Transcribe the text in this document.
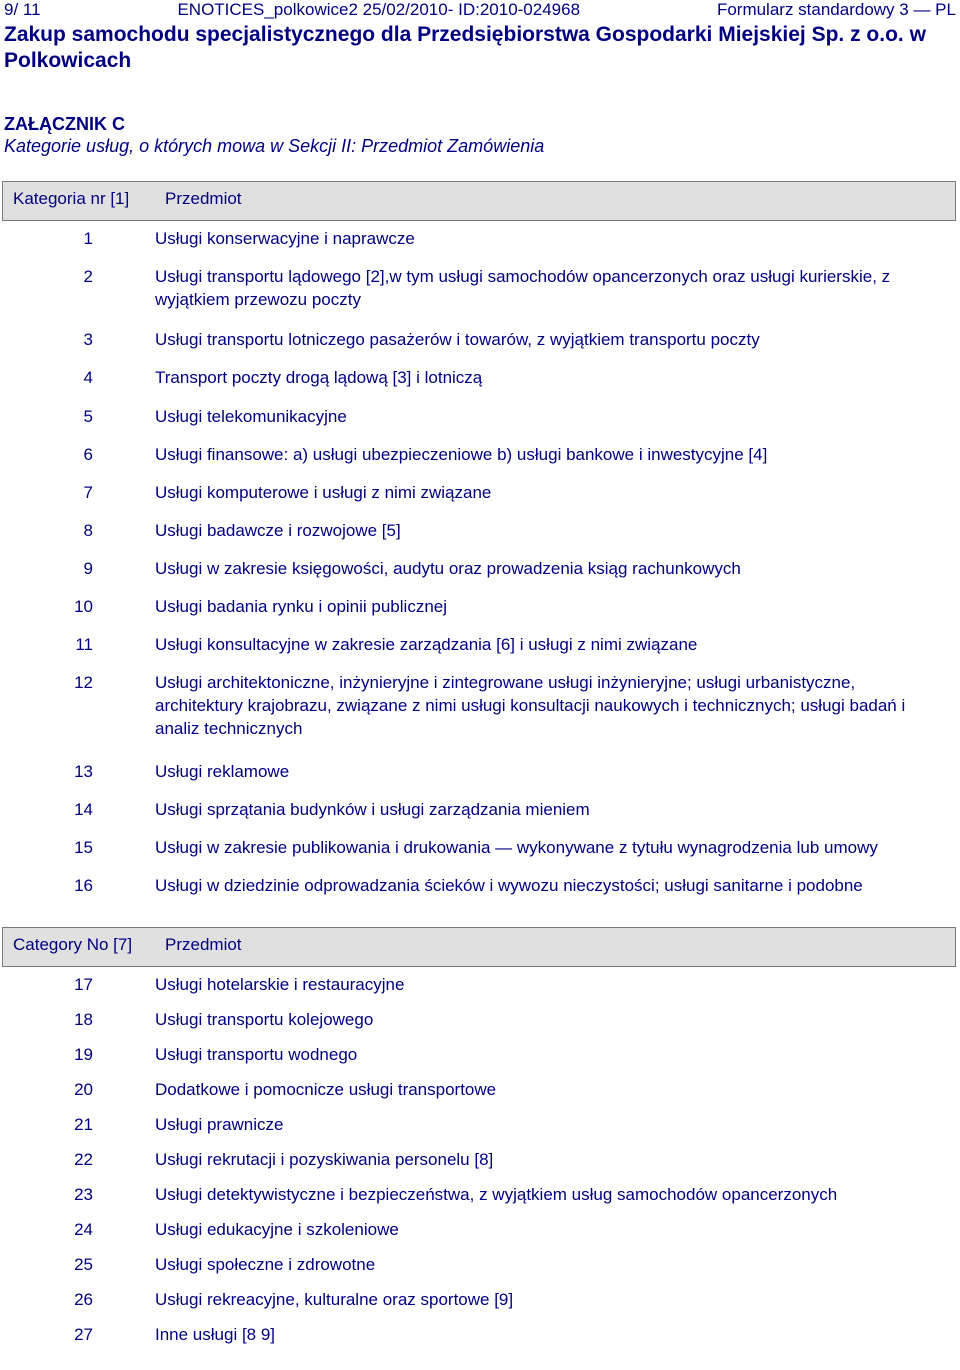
9/ 11	ENOTICES_polkowice2 25/02/2010- ID:2010-024968	Formularz standardowy 3 — PL
Zakup samochodu specjalistycznego dla Przedsiębiorstwa Gospodarki Miejskiej Sp. z o.o. w Polkowicach
ZAŁĄCZNIK C
Kategorie usług, o których mowa w Sekcji II: Przedmiot Zamówienia
Kategoria nr [1]	Przedmiot
1	Usługi konserwacyjne i naprawcze
2	Usługi transportu lądowego [2],w tym usługi samochodów opancerzonych oraz usługi kurierskie, z wyjątkiem przewozu poczty
3	Usługi transportu lotniczego pasażerów i towarów, z wyjątkiem transportu poczty
4	Transport poczty drogą lądową [3] i lotniczą
5	Usługi telekomunikacyjne
6	Usługi finansowe: a) usługi ubezpieczeniowe b) usługi bankowe i inwestycyjne [4]
7	Usługi komputerowe i usługi z nimi związane
8	Usługi badawcze i rozwojowe [5]
9	Usługi w zakresie księgowości, audytu oraz prowadzenia ksiąg rachunkowych
10	Usługi badania rynku i opinii publicznej
11	Usługi konsultacyjne w zakresie zarządzania [6] i usługi z nimi związane
12	Usługi architektoniczne, inżynieryjne i zintegrowane usługi inżynieryjne; usługi urbanistyczne, architektury krajobrazu, związane z nimi usługi konsultacji naukowych i technicznych; usługi badań i analiz technicznych
13	Usługi reklamowe
14	Usługi sprzątania budynków i usługi zarządzania mieniem
15	Usługi w zakresie publikowania i drukowania — wykonywane z tytułu wynagrodzenia lub umowy
16	Usługi w dziedzinie odprowadzania ścieków i wywozu nieczystości; usługi sanitarne i podobne
Category No [7]	Przedmiot
17	Usługi hotelarskie i restauracyjne
18	Usługi transportu kolejowego
19	Usługi transportu wodnego
20	Dodatkowe i pomocnicze usługi transportowe
21	Usługi prawnicze
22	Usługi rekrutacji i pozyskiwania personelu [8]
23	Usługi detektywistyczne i bezpieczeństwa, z wyjątkiem usług samochodów opancerzonych
24	Usługi edukacyjne i szkoleniowe
25	Usługi społeczne i zdrowotne
26	Usługi rekreacyjne, kulturalne oraz sportowe [9]
27	Inne usługi [8 9]
